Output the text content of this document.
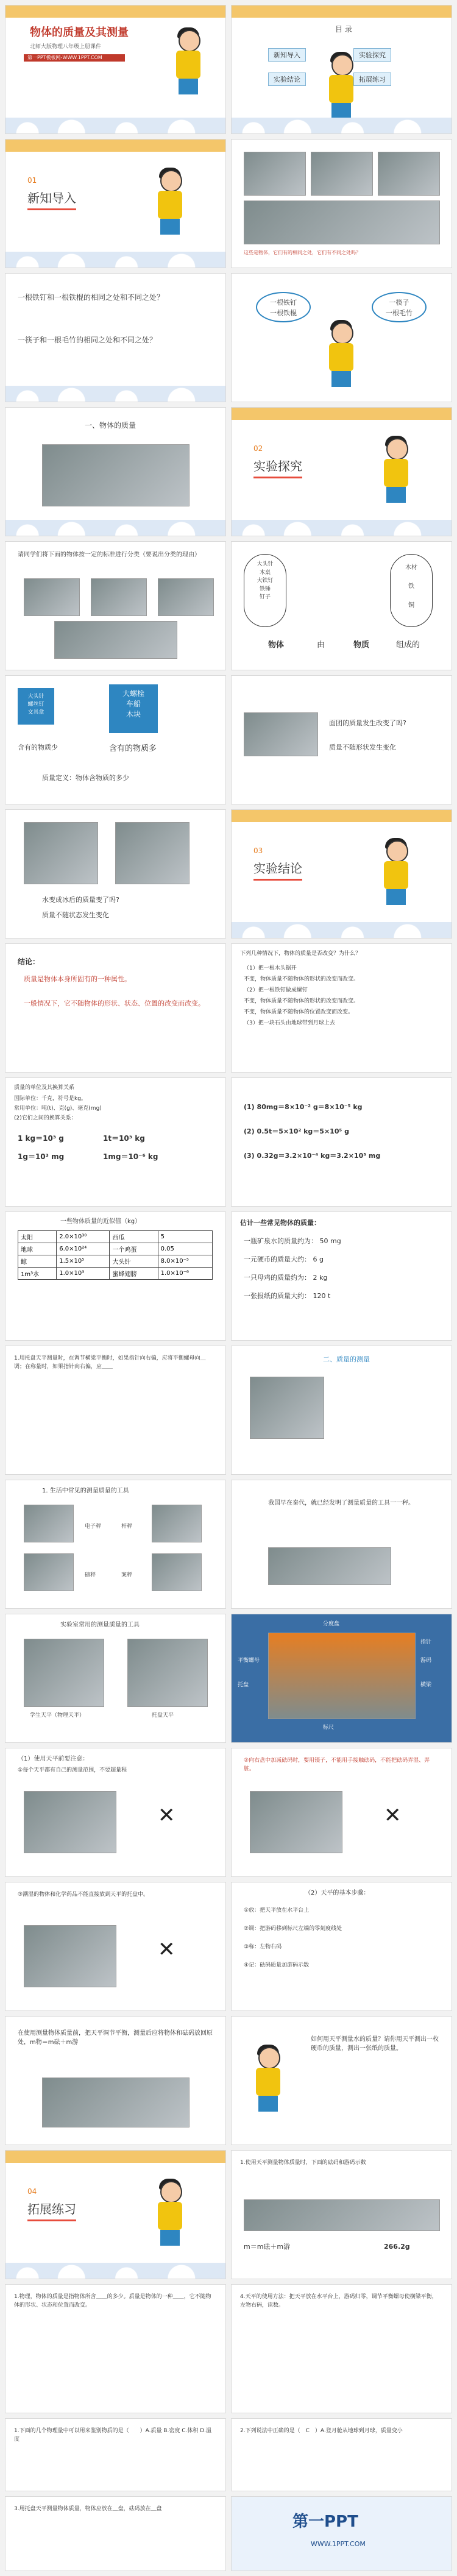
物体的质量及其测量
北师大版物理八年级上册课件
第一PPT模板网-WWW.1PPT.COM
目 录
新知导入	实验探究
实验结论	拓展练习
01
新知导入
这些是物体，它们有的相同之处，它们有不同之处吗？
一根铁钉和一根铁棍的相同之处和不同之处？
一筷子和一根毛竹的相同之处和不同之处？
一根铁钉
一根铁棍
一筷子
一根毛竹
一、物体的质量
02
实验探究
请同学们将下面的物体按一定的标准进行分类（要说出分类的理由）
大头针
木桌
大铁钉
铁锤
钉子
木材
铁
铜
物体	由	物质	组成的
大头针
螺丝钉
文具盒
大螺栓
车船
木块
含有的物质少	含有的物质多
质量定义：物体含物质的多少
面团的质量发生改变了吗?
质量不随形状发生变化
水变成冰后的质量变了吗?
质量不随状态发生变化
03
实验结论
结论：
质量是物体本身所固有的一种属性。
一般情况下，它不随物体的形状、状态、位置的改变而改变。
下列几种情况下，物体的质量是否改变？为什么？
（1）把一根木头锯开
不变，物体质量不随物体的形状的改变而改变。
（2）把一根铁钉做成螺钉
不变，物体质量不随物体的形状的改变而改变。
不变，物体质量不随物体的位置改变而改变。
（3）把一块石头由地球带到月球上去
质量的单位及其换算关系
国际单位：千克，符号是kg。
常用单位：吨(t)、克(g)、毫克(mg)
(2)它们之间的换算关系：
1 kg＝10³ g	1t＝10³ kg
1g＝10³ mg	1mg＝10⁻⁶ kg
(1) 80mg＝8×10⁻² g＝8×10⁻⁵ kg
(2) 0.5t＝5×10² kg＝5×10⁵ g
(3) 0.32g＝3.2×10⁻⁴ kg＝3.2×10⁵ mg
一些物体质量的近似值（kg）
太阳	2.0×10³⁰	西瓜	5
地球	6.0×10²⁴	一个鸡蛋	0.05
鲸	1.5×10⁵	大头针	8.0×10⁻⁵
1m³水	1.0×10³	蜜蜂翅膀	1.0×10⁻⁶
估计一些常见物体的质量：
一瓶矿泉水的质量约为： 50 mg
一元硬币的质量大约： 6 g
一只母鸡的质量约为： 2 kg
一张报纸的质量大约： 120 t
1.用托盘天平测量时，在调节横梁平衡时，如果指针向右偏，应将平衡螺母向＿调；在称量时，如果指针向右偏，应＿＿
二、质量的测量
1. 生活中常见的测量质量的工具
电子秤	杆秤
磅秤	案秤
我国早在秦代，就已经发明了测量质量的工具一一秤。
实验室常用的测量质量的工具
学生天平（物理天平）	托盘天平
分度盘
指针
游码
平衡螺母
托盘	横梁
标尺
（1）使用天平前要注意：
①每个天平都有自己的测量范围，不要超量程
✕
②向右盘中加减砝码时，要用镊子，不能用手接触砝码，不能把砝码弄湿、弄脏。
✕
③潮湿的物体和化学药品不能直接放到天平的托盘中。
✕
（2）天平的基本步骤：
①放：把天平放在水平台上
②调：把游码移到标尺左端的零刻度线处
③称：左物右码
④记：砝码质量加游码示数
在使用测量物体质量前，把天平调节平衡，测量后应将物体和砝码放回原处，m物＝m砝＋m游	如何用天平测量水的质量？请你用天平测出一枚硬币的质量，测出一张纸的质量。
04
拓展练习
1.使用天平测量物体质量时，下面的砝码和游码示数
m＝m砝＋m游	266.2g
1.物理，物体的质量是指物体所含＿＿的多少。质量是物体的一种＿＿，它不随物体的形状、状态和位置而改变。
4.天平的使用方法：把天平放在水平台上，游码归零，调节平衡螺母使横梁平衡，左物右码，读数。
1.下面的几个物理量中可以用来鉴别物质的是（　　）A.质量 B.密度 C.体积 D.温度
2.下列说法中正确的是（　C　）A.登月舱从地球到月球，质量变小
3.用托盘天平测量物体质量，物体应放在＿盘，砝码放在＿盘
第一PPT
WWW.1PPT.COM
